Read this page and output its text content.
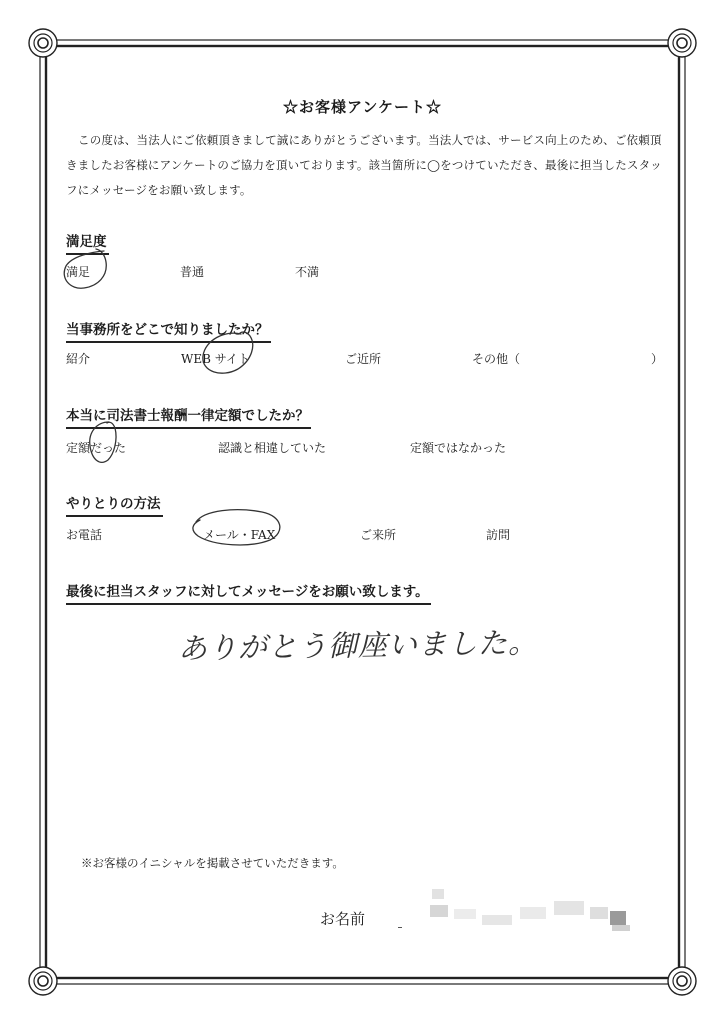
☆お客様アンケート☆
この度は、当法人にご依頼頂きまして誠にありがとうございます。当法人では、サービス向上のため、ご依頼頂きましたお客様にアンケートのご協力を頂いております。該当箇所に◯をつけていただき、最後に担当したスタッフにメッセージをお願い致します。
満足度
満足	普通	不満
当事務所をどこで知りましたか？
紹介	WEB サイト	ご近所	その他（	）
本当に司法書士報酬一律定額でしたか？
定額だった	認識と相違していた	定額ではなかった
やりとりの方法
お電話	メール・FAX	ご来所	訪問
最後に担当スタッフに対してメッセージをお願い致します。
ありがとう御座いました。
※お客様のイニシャルを掲載させていただきます。
お名前
